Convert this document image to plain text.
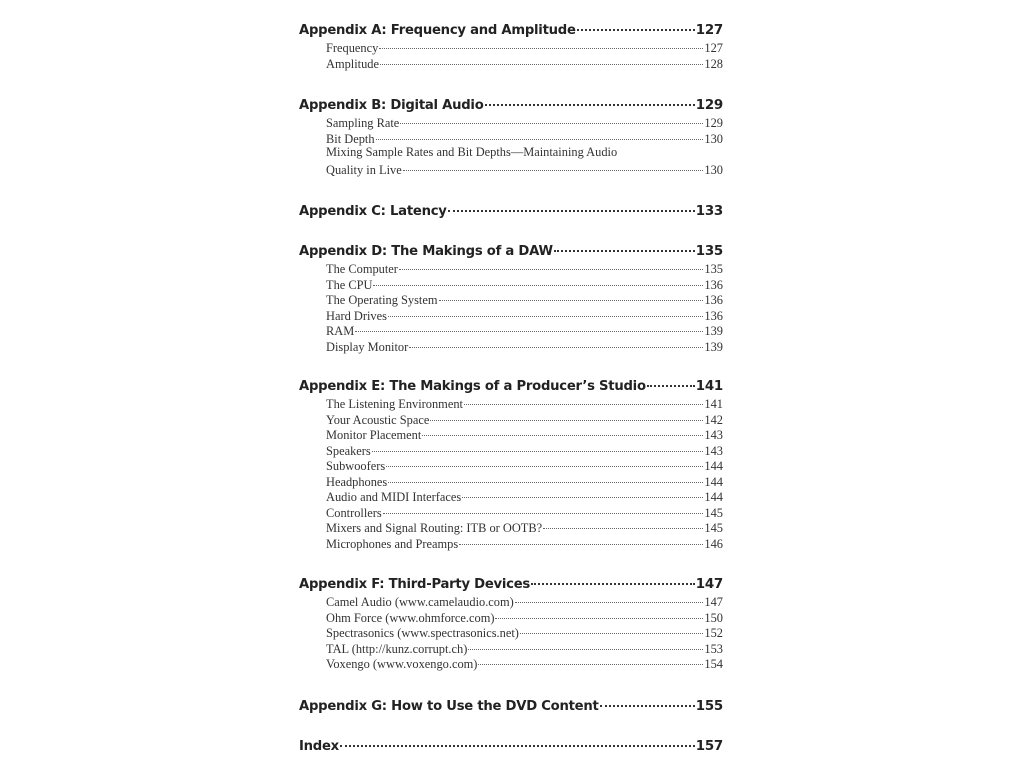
Appendix A: Frequency and Amplitude	127
Frequency	127
Amplitude	128
Appendix B: Digital Audio	129
Sampling Rate	129
Bit Depth	130
Mixing Sample Rates and Bit Depths—Maintaining Audio
Quality in Live	130
Appendix C: Latency	133
Appendix D: The Makings of a DAW	135
The Computer	135
The CPU	136
The Operating System	136
Hard Drives	136
RAM	139
Display Monitor	139
Appendix E: The Makings of a Producer’s Studio	141
The Listening Environment	141
Your Acoustic Space	142
Monitor Placement	143
Speakers	143
Subwoofers	144
Headphones	144
Audio and MIDI Interfaces	144
Controllers	145
Mixers and Signal Routing: ITB or OOTB?	145
Microphones and Preamps	146
Appendix F: Third-Party Devices	147
Camel Audio (www.camelaudio.com)	147
Ohm Force (www.ohmforce.com)	150
Spectrasonics (www.spectrasonics.net)	152
TAL (http://kunz.corrupt.ch)	153
Voxengo (www.voxengo.com)	154
Appendix G: How to Use the DVD Content	155
Index	157
